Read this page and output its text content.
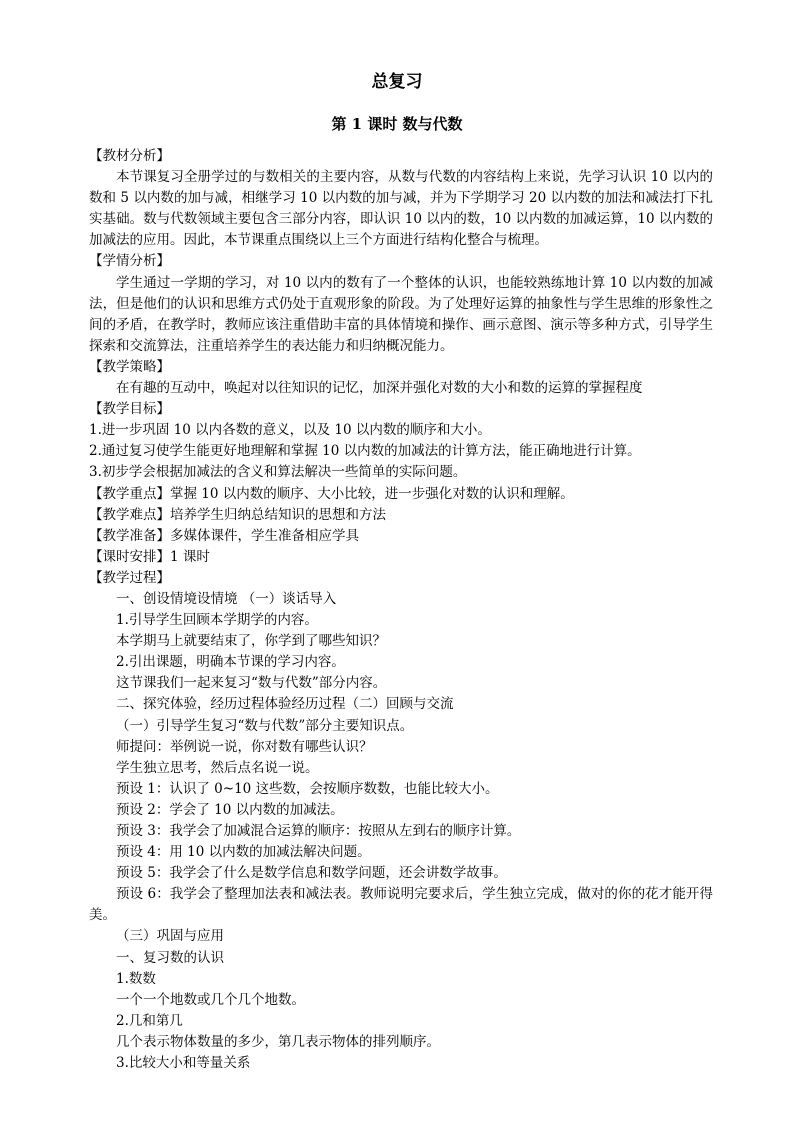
总复习
第 1 课时 数与代数

【教材分析】

本节课复习全册学过的与数相关的主要内容，从数与代数的内容结构上来说，先学习认识 10 以内的数和 5 以内数的加与减，相继学习 10 以内数的加与减，并为下学期学习 20 以内数的加法和减法打下扎实基础。数与代数领域主要包含三部分内容，即认识 10 以内的数，10 以内数的加减运算，10 以内数的加减法的应用。因此，本节课重点围绕以上三个方面进行结构化整合与梳理。

【学情分析】

学生通过一学期的学习，对 10 以内的数有了一个整体的认识，也能较熟练地计算 10 以内数的加减法，但是他们的认识和思维方式仍处于直观形象的阶段。为了处理好运算的抽象性与学生思维的形象性之间的矛盾，在教学时，教师应该注重借助丰富的具体情境和操作、画示意图、演示等多种方式，引导学生探索和交流算法，注重培养学生的表达能力和归纳概况能力。

【教学策略】

在有趣的互动中，唤起对以往知识的记忆，加深并强化对数的大小和数的运算的掌握程度

【教学目标】

1.进一步巩固 10 以内各数的意义，以及 10 以内数的顺序和大小。

2.通过复习使学生能更好地理解和掌握 10 以内数的加减法的计算方法，能正确地进行计算。

3.初步学会根据加减法的含义和算法解决一些简单的实际问题。

【教学重点】掌握 10 以内数的顺序、大小比较，进一步强化对数的认识和理解。

【教学难点】培养学生归纳总结知识的思想和方法

【教学准备】多媒体课件，学生准备相应学具

【课时安排】1 课时

【教学过程】

一、创设情境设情境 （一）谈话导入

1.引导学生回顾本学期学的内容。

本学期马上就要结束了，你学到了哪些知识？

2.引出课题，明确本节课的学习内容。

这节课我们一起来复习“数与代数”部分内容。

二、探究体验，经历过程体验经历过程（二）回顾与交流

（一）引导学生复习“数与代数”部分主要知识点。

师提问：举例说一说，你对数有哪些认识？

学生独立思考，然后点名说一说。

预设 1：认识了 0~10 这些数，会按顺序数数，也能比较大小。

预设 2：学会了 10 以内数的加减法。

预设 3：我学会了加减混合运算的顺序：按照从左到右的顺序计算。

预设 4：用 10 以内数的加减法解决问题。

预设 5：我学会了什么是数学信息和数学问题，还会讲数学故事。

预设 6：我学会了整理加法表和减法表。教师说明完要求后，学生独立完成，做对的你的花才能开得美。

（三）巩固与应用

一、复习数的认识

1.数数

一个一个地数或几个几个地数。

2.几和第几

几个表示物体数量的多少，第几表示物体的排列顺序。

3.比较大小和等量关系
